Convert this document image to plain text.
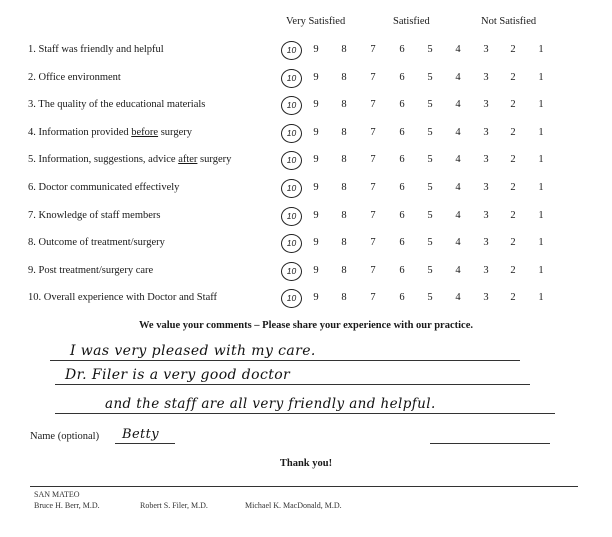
Very Satisfied	Satisfied	Not Satisfied
1. Staff was friendly and helpful	10	9	8	7	6	5	4	3	2	1
2. Office environment	10	9	8	7	6	5	4	3	2	1
3. The quality of the educational materials	10	9	8	7	6	5	4	3	2	1
4. Information provided before surgery	10	9	8	7	6	5	4	3	2	1
5. Information, suggestions, advice after surgery	10	9	8	7	6	5	4	3	2	1
6. Doctor communicated effectively	10	9	8	7	6	5	4	3	2	1
7. Knowledge of staff members	10	9	8	7	6	5	4	3	2	1
8. Outcome of treatment/surgery	10	9	8	7	6	5	4	3	2	1
9. Post treatment/surgery care	10	9	8	7	6	5	4	3	2	1
10. Overall experience with Doctor and Staff	10	9	8	7	6	5	4	3	2	1
We value your comments – Please share your experience with our practice.
I was very pleased with my care.
Dr. Filer is a very good doctor
and the staff are all very friendly and helpful.
Name (optional) Betty
Thank you!
SAN MATEO
Bruce H. Berr, M.D.	Robert S. Filer, M.D.	Michael K. MacDonald, M.D.
